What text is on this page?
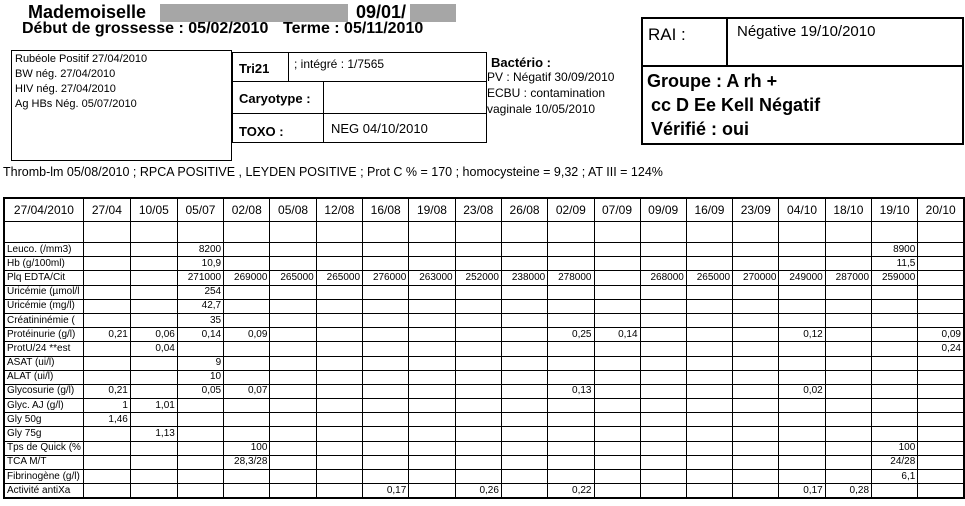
Mademoiselle	09/01/
Début de grossesse : 05/02/2010 Terme : 05/11/2010
Rubéole Positif 27/04/2010
BW nég. 27/04/2010
HIV nég. 27/04/2010
Ag HBs Nég. 05/07/2010
Tri21 ; intégré : 1/7565
Caryotype :
TOXO :	NEG 04/10/2010
Bactério :
PV : Négatif 30/09/2010
ECBU : contamination
vaginale 10/05/2010
RAI :	Négative 19/10/2010
Groupe : A rh +
cc D Ee Kell Négatif
Vérifié : oui
Thromb-lm 05/08/2010 ; RPCA POSITIVE , LEYDEN POSITIVE ; Prot C % = 170 ; homocysteine = 9,32 ; AT III = 124%
27/04/2010	27/04	10/05	05/07	02/08	05/08	12/08	16/08	19/08	23/08	26/08	02/09	07/09	09/09	16/09	23/09	04/10	18/10	19/10	20/10

Leuco. (/mm3)			8200															8900	
Hb (g/100ml)			10,9															11,5	
Plq EDTA/Cit			271000	269000	265000	265000	276000	263000	252000	238000	278000		268000	265000	270000	249000	287000	259000	
Uricémie (µmol/l			254																
Uricémie (mg/l)			42,7																
Créatininémie (			35																
Protéinurie (g/l)	0,21	0,06	0,14	0,09							0,25	0,14				0,12			0,09
ProtU/24 **est		0,04																	0,24
ASAT (ui/l)			9																
ALAT (ui/l)			10																
Glycosurie (g/l)	0,21		0,05	0,07							0,13					0,02			
Glyc. AJ (g/l)	1	1,01																	
Gly 50g	1,46																		
Gly 75g		1,13																	
Tps de Quick (%				100														100	
TCA M/T				28,3/28														24/28	
Fibrinogène (g/l)																		6,1	
Activité antiXa							0,17		0,26		0,22					0,17	0,28		
